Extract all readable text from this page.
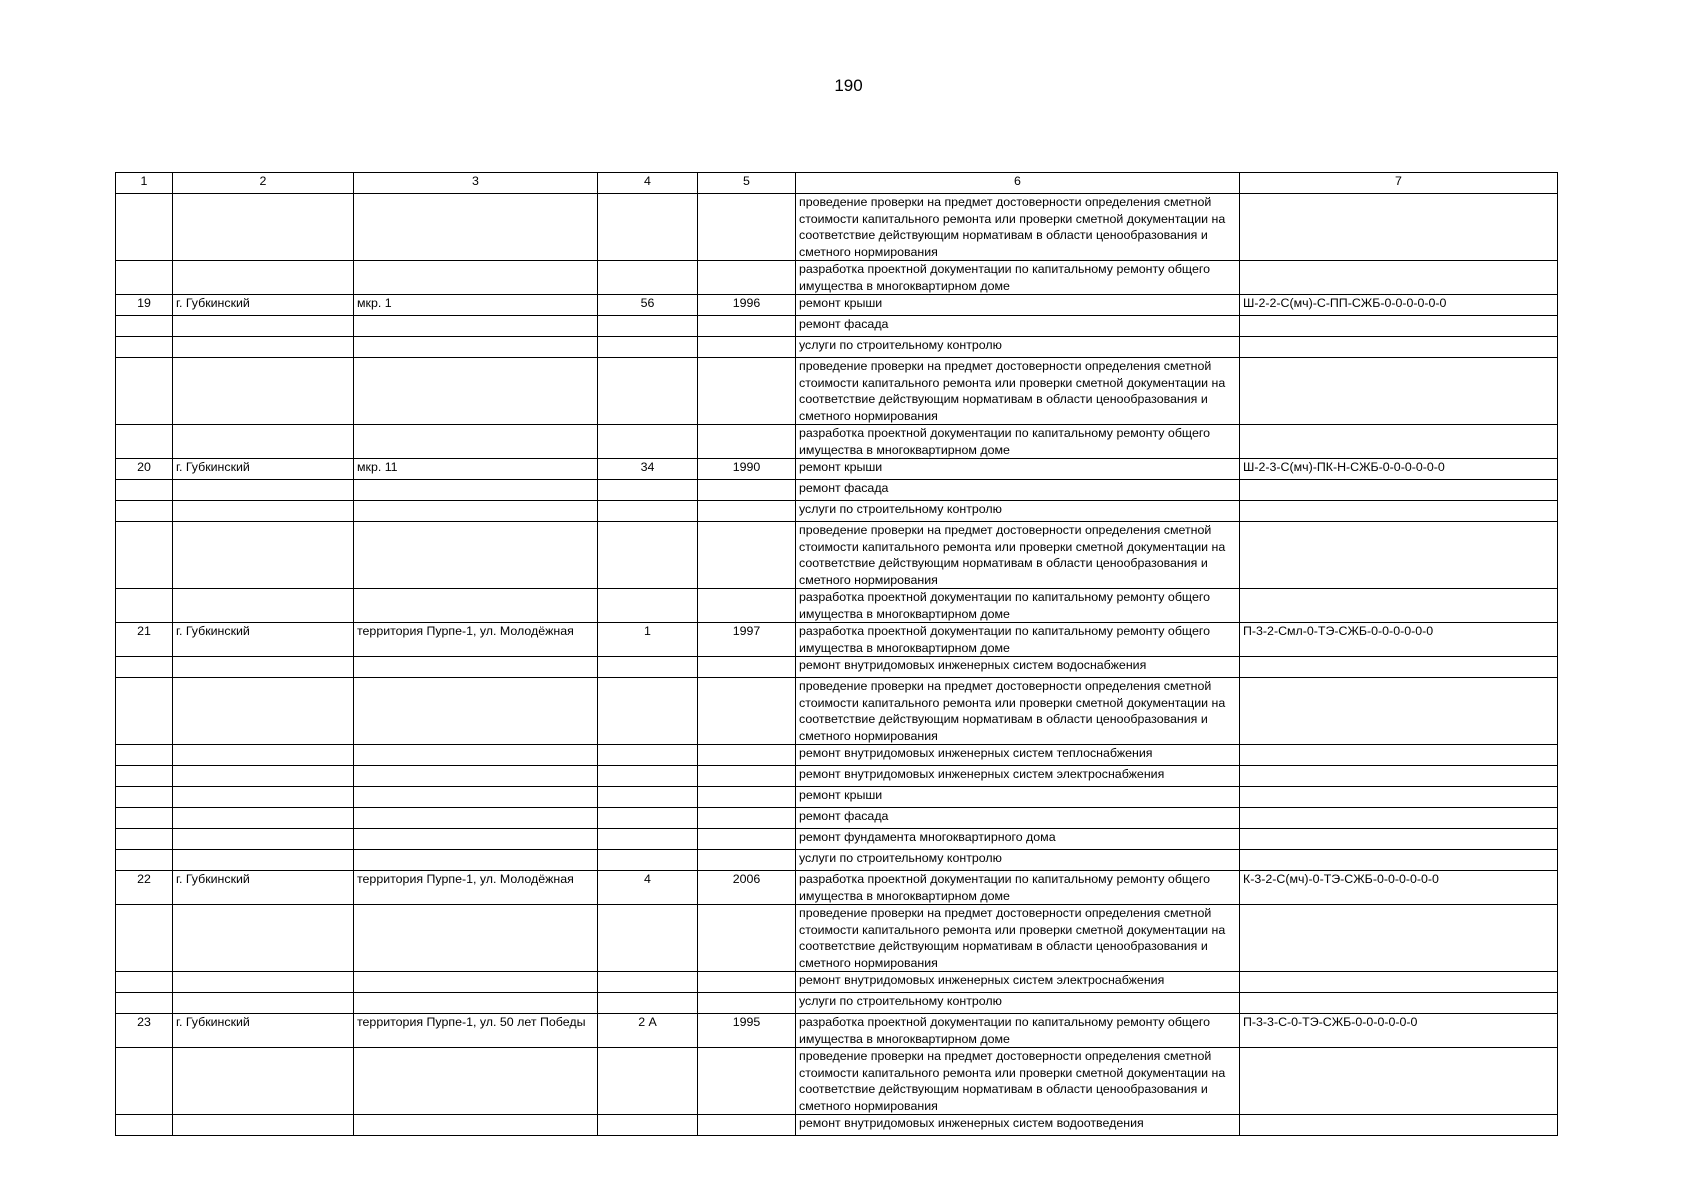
190
1	2	3	4	5	6	7
					проведение проверки на предмет достоверности определения сметной стоимости капитального ремонта или проверки сметной документации на соответствие действующим нормативам в области ценообразования и сметного нормирования	
					разработка проектной документации по капитальному ремонту общего имущества в многоквартирном доме	
19	г. Губкинский	мкр. 1	56	1996	ремонт крыши	Ш-2-2-С(мч)-С-ПП-СЖБ-0-0-0-0-0-0
					ремонт фасада	
					услуги по строительному контролю	
					проведение проверки на предмет достоверности определения сметной стоимости капитального ремонта или проверки сметной документации на соответствие действующим нормативам в области ценообразования и сметного нормирования	
					разработка проектной документации по капитальному ремонту общего имущества в многоквартирном доме	
20	г. Губкинский	мкр. 11	34	1990	ремонт крыши	Ш-2-3-С(мч)-ПК-Н-СЖБ-0-0-0-0-0-0
					ремонт фасада	
					услуги по строительному контролю	
					проведение проверки на предмет достоверности определения сметной стоимости капитального ремонта или проверки сметной документации на соответствие действующим нормативам в области ценообразования и сметного нормирования	
					разработка проектной документации по капитальному ремонту общего имущества в многоквартирном доме	
21	г. Губкинский	территория Пурпе-1, ул. Молодёжная	1	1997	разработка проектной документации по капитальному ремонту общего имущества в многоквартирном доме	П-3-2-Смл-0-ТЭ-СЖБ-0-0-0-0-0-0
					ремонт внутридомовых инженерных систем водоснабжения	
					проведение проверки на предмет достоверности определения сметной стоимости капитального ремонта или проверки сметной документации на соответствие действующим нормативам в области ценообразования и сметного нормирования	
					ремонт внутридомовых инженерных систем теплоснабжения	
					ремонт внутридомовых инженерных систем электроснабжения	
					ремонт крыши	
					ремонт фасада	
					ремонт фундамента многоквартирного дома	
					услуги по строительному контролю	
22	г. Губкинский	территория Пурпе-1, ул. Молодёжная	4	2006	разработка проектной документации по капитальному ремонту общего имущества в многоквартирном доме	К-3-2-С(мч)-0-ТЭ-СЖБ-0-0-0-0-0-0
					проведение проверки на предмет достоверности определения сметной стоимости капитального ремонта или проверки сметной документации на соответствие действующим нормативам в области ценообразования и сметного нормирования	
					ремонт внутридомовых инженерных систем электроснабжения	
					услуги по строительному контролю	
23	г. Губкинский	территория Пурпе-1, ул. 50 лет Победы	2 А	1995	разработка проектной документации по капитальному ремонту общего имущества в многоквартирном доме	П-3-3-С-0-ТЭ-СЖБ-0-0-0-0-0-0
					проведение проверки на предмет достоверности определения сметной стоимости капитального ремонта или проверки сметной документации на соответствие действующим нормативам в области ценообразования и сметного нормирования	
					ремонт внутридомовых инженерных систем водоотведения	
